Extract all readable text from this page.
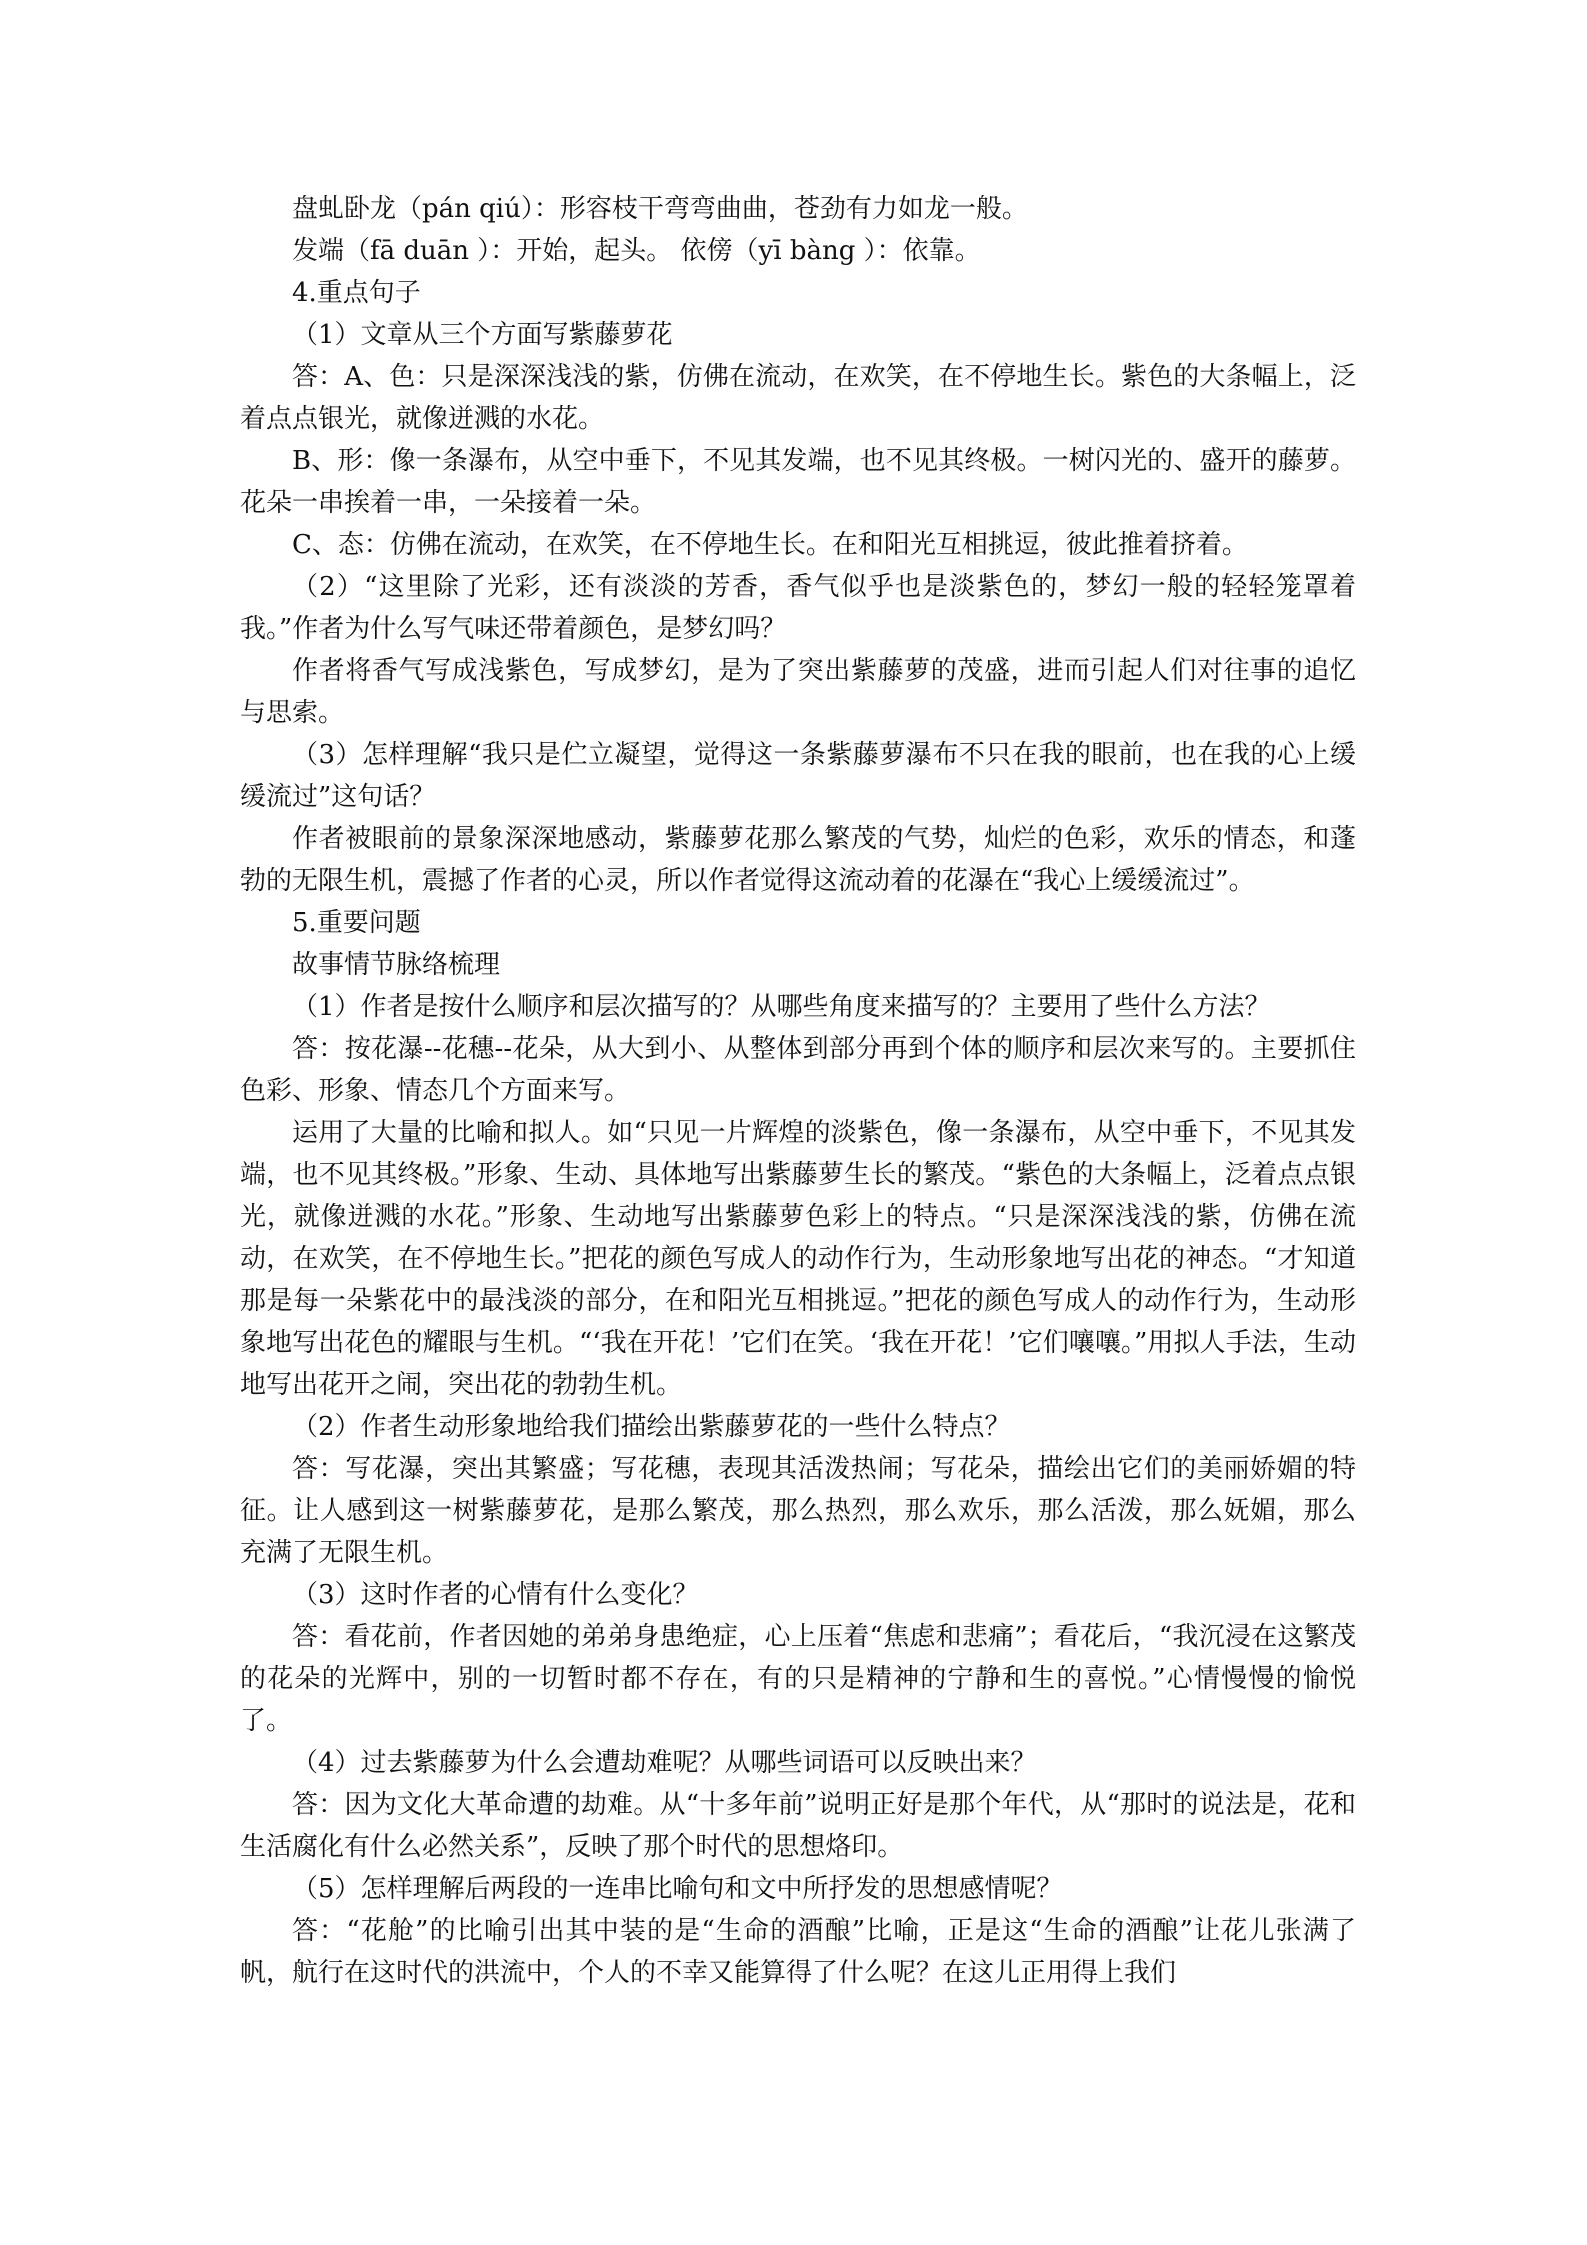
盘虬卧龙（pán qiú）：形容枝干弯弯曲曲，苍劲有力如龙一般。

发端（fā duān ）：开始，起头。 依傍（yī bàng ）：依靠。

4.重点句子

（1）文章从三个方面写紫藤萝花

答：A、色：只是深深浅浅的紫，仿佛在流动，在欢笑，在不停地生长。紫色的大条幅上，泛着点点银光，就像迸溅的水花。

B、形：像一条瀑布，从空中垂下，不见其发端，也不见其终极。一树闪光的、盛开的藤萝。花朵一串挨着一串，一朵接着一朵。

C、态：仿佛在流动，在欢笑，在不停地生长。在和阳光互相挑逗，彼此推着挤着。

（2）“这里除了光彩，还有淡淡的芳香，香气似乎也是淡紫色的，梦幻一般的轻轻笼罩着我。”作者为什么写气味还带着颜色，是梦幻吗？

作者将香气写成浅紫色，写成梦幻，是为了突出紫藤萝的茂盛，进而引起人们对往事的追忆与思索。

（3）怎样理解“我只是伫立凝望，觉得这一条紫藤萝瀑布不只在我的眼前，也在我的心上缓缓流过”这句话？

作者被眼前的景象深深地感动，紫藤萝花那么繁茂的气势，灿烂的色彩，欢乐的情态，和蓬勃的无限生机，震撼了作者的心灵，所以作者觉得这流动着的花瀑在“我心上缓缓流过”。

5.重要问题

故事情节脉络梳理

（1）作者是按什么顺序和层次描写的？从哪些角度来描写的？主要用了些什么方法？

答：按花瀑--花穗--花朵，从大到小、从整体到部分再到个体的顺序和层次来写的。主要抓住色彩、形象、情态几个方面来写。

运用了大量的比喻和拟人。如“只见一片辉煌的淡紫色，像一条瀑布，从空中垂下，不见其发端，也不见其终极。”形象、生动、具体地写出紫藤萝生长的繁茂。“紫色的大条幅上，泛着点点银光，就像迸溅的水花。”形象、生动地写出紫藤萝色彩上的特点。“只是深深浅浅的紫，仿佛在流动，在欢笑，在不停地生长。”把花的颜色写成人的动作行为，生动形象地写出花的神态。“才知道那是每一朵紫花中的最浅淡的部分，在和阳光互相挑逗。”把花的颜色写成人的动作行为，生动形象地写出花色的耀眼与生机。“‘我在开花！’它们在笑。‘我在开花！’它们嚷嚷。”用拟人手法，生动地写出花开之闹，突出花的勃勃生机。

（2）作者生动形象地给我们描绘出紫藤萝花的一些什么特点？

答：写花瀑，突出其繁盛；写花穗，表现其活泼热闹；写花朵，描绘出它们的美丽娇媚的特征。让人感到这一树紫藤萝花，是那么繁茂，那么热烈，那么欢乐，那么活泼，那么妩媚，那么充满了无限生机。

（3）这时作者的心情有什么变化？

答：看花前，作者因她的弟弟身患绝症，心上压着“焦虑和悲痛”；看花后，“我沉浸在这繁茂的花朵的光辉中，别的一切暂时都不存在，有的只是精神的宁静和生的喜悦。”心情慢慢的愉悦了。

（4）过去紫藤萝为什么会遭劫难呢？从哪些词语可以反映出来？

答：因为文化大革命遭的劫难。从“十多年前”说明正好是那个年代，从“那时的说法是，花和生活腐化有什么必然关系”，反映了那个时代的思想烙印。

（5）怎样理解后两段的一连串比喻句和文中所抒发的思想感情呢？

答：“花舱”的比喻引出其中装的是“生命的酒酿”比喻，正是这“生命的酒酿”让花儿张满了帆，航行在这时代的洪流中，个人的不幸又能算得了什么呢？在这儿正用得上我们
